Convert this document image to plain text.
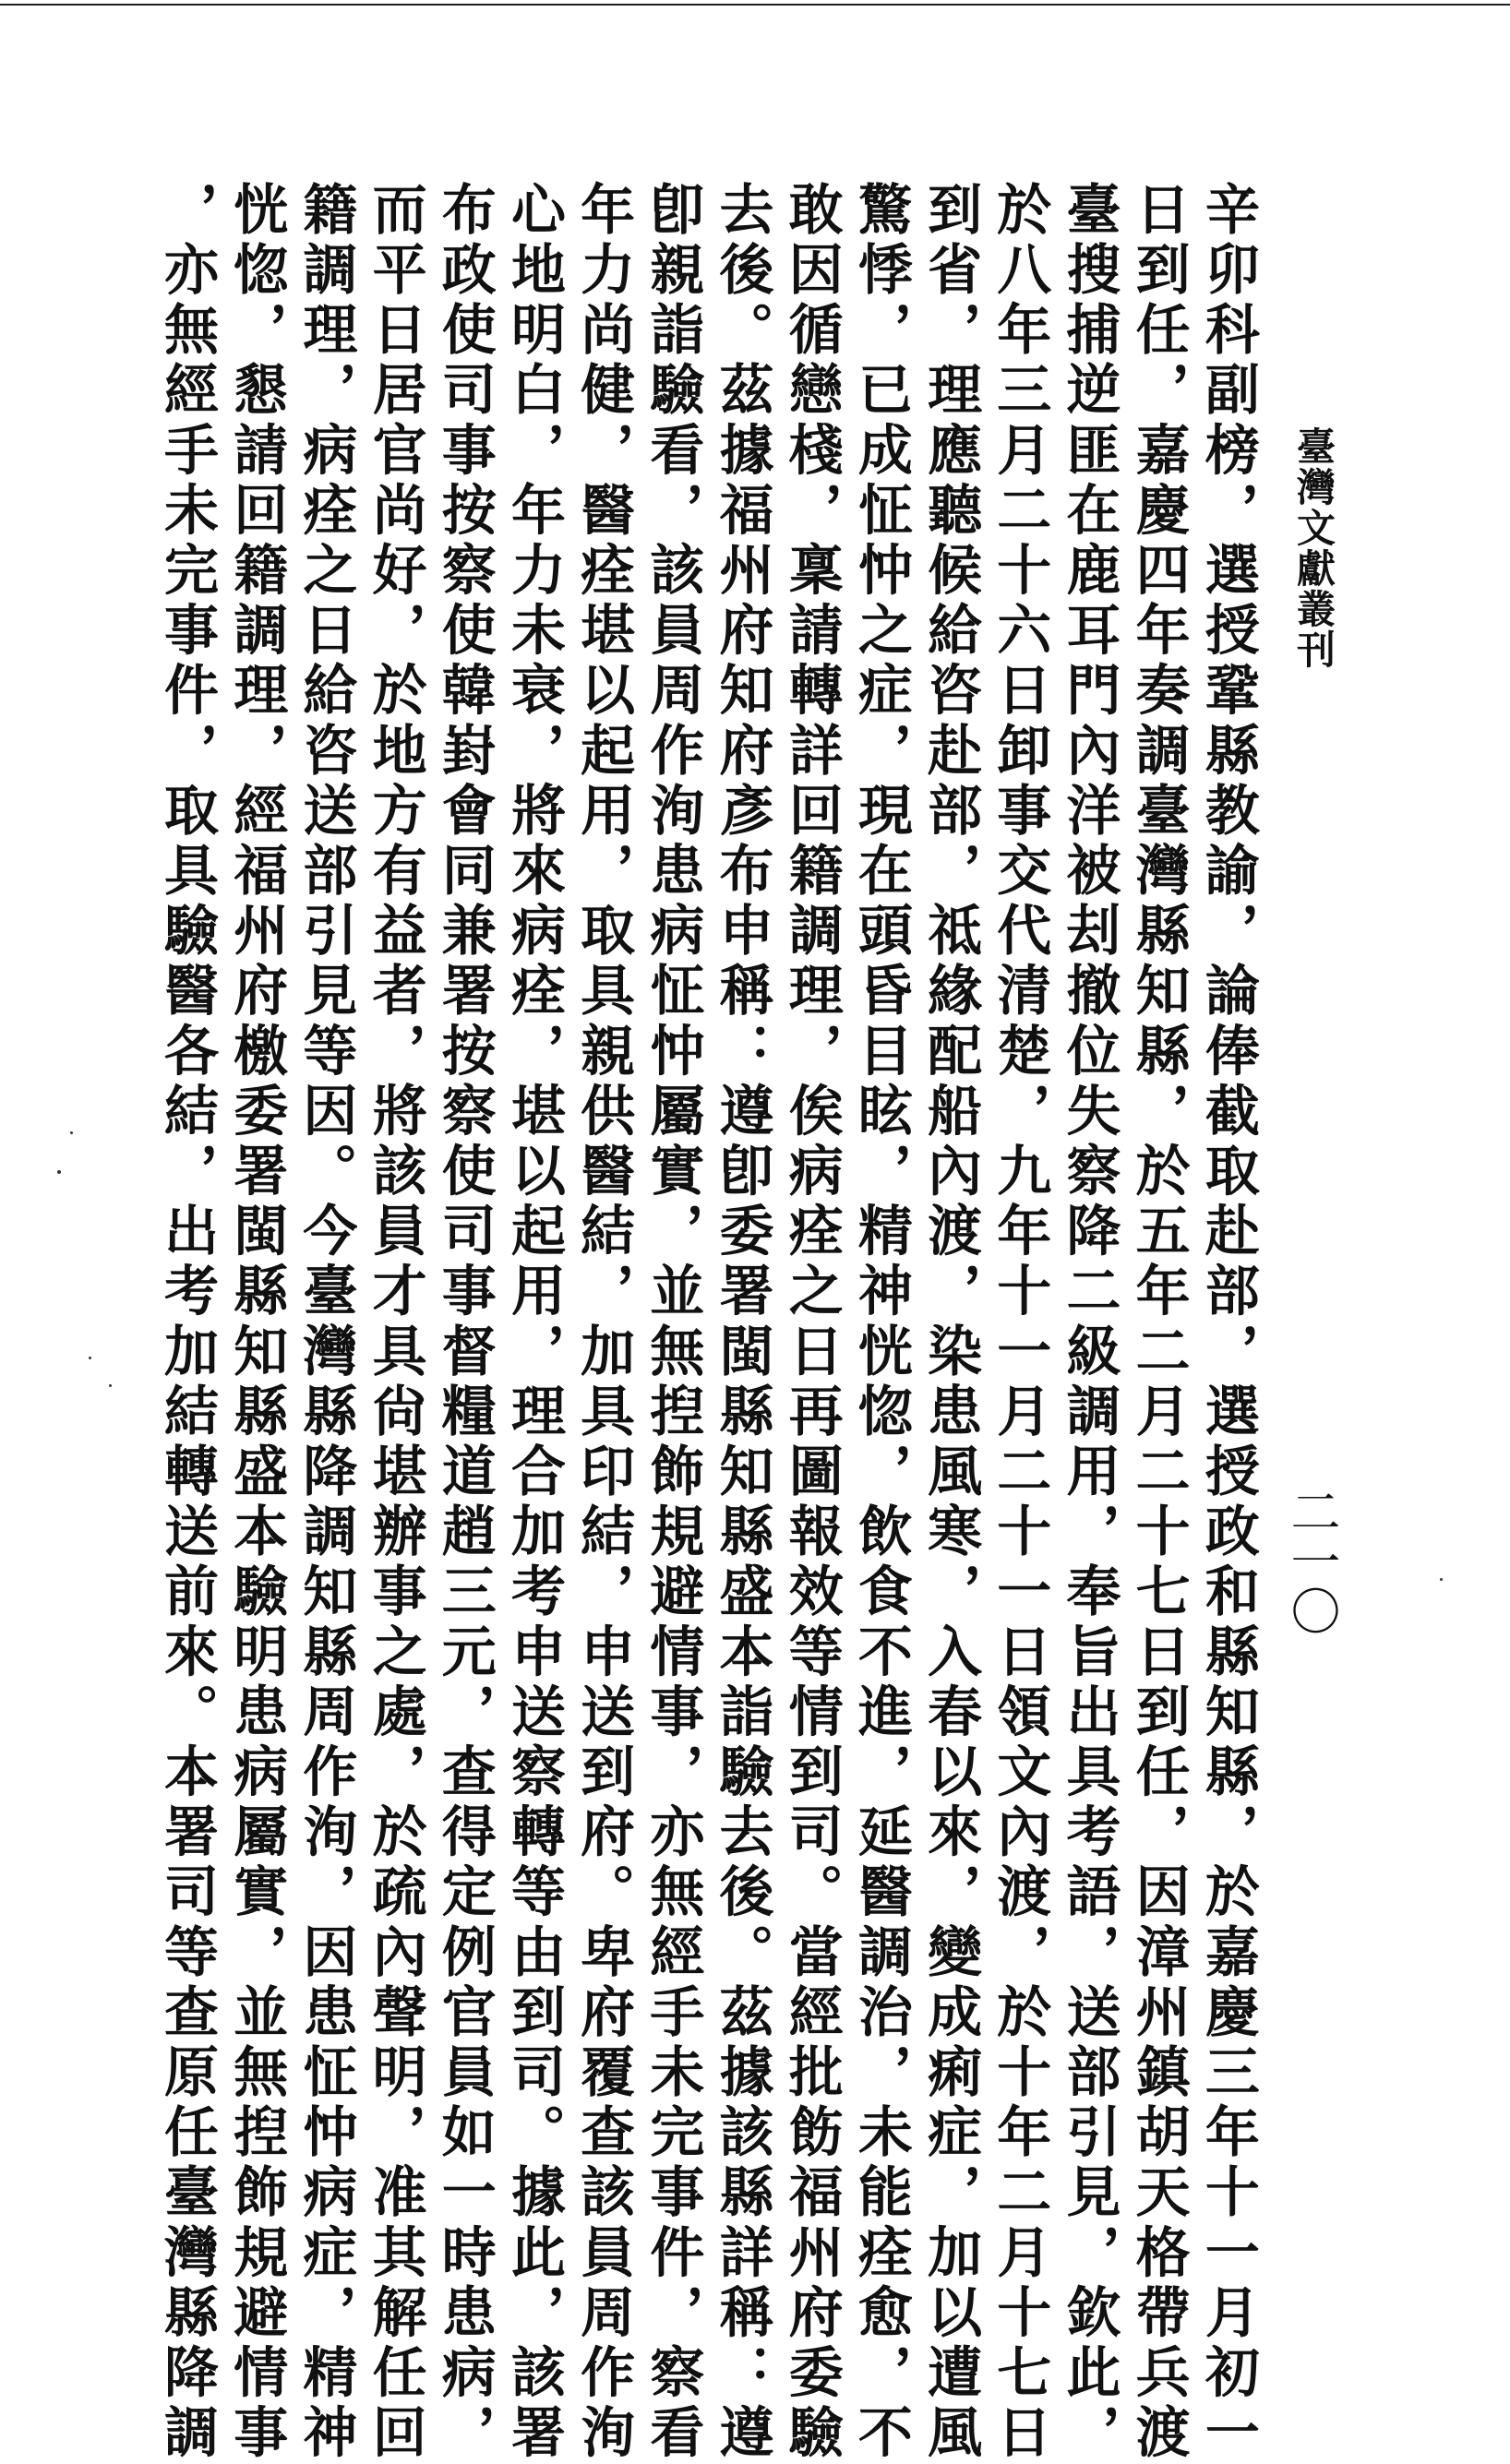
臺灣文獻叢刊
二一〇
辛卯科副榜，選授鞏縣教諭，論俸截取赴部，選授政和縣知縣，於嘉慶三年十一月初一
日到任，嘉慶四年奏調臺灣縣知縣，於五年二月二十七日到任，因漳州鎮胡天格帶兵渡
臺搜捕逆匪在鹿耳門內洋被刦撤位失察降二級調用，奉旨出具考語，送部引見，欽此，
於八年三月二十六日卸事交代清楚，九年十一月二十一日領文內渡，於十年二月十七日
到省，理應聽候給咨赴部，祗緣配船內渡，染患風寒，入春以來，變成痢症，加以遭風
驚悸，已成怔忡之症，現在頭昏目眩，精神恍惚，飲食不進，延醫調治，未能痊愈，不
敢因循戀棧，稟請轉詳回籍調理，俟病痊之日再圖報效等情到司。當經批飭福州府委驗
去後。茲據福州府知府彥布申稱：遵卽委署閩縣知縣盛本詣驗去後。茲據該縣詳稱：遵
卽親詣驗看，該員周作洵患病怔忡屬實，並無揑飾規避情事，亦無經手未完事件，察看
年力尚健，醫痊堪以起用，取具親供醫結，加具印結，申送到府。卑府覆查該員周作洵
心地明白，年力未衰，將來病痊，堪以起用，理合加考申送察轉等由到司。據此，該署
布政使司事按察使韓崶會同兼署按察使司事督糧道趙三元，查得定例官員如一時患病，
而平日居官尚好，於地方有益者，將該員才具尙堪辦事之處，於疏內聲明，准其解任回
籍調理，病痊之日給咨送部引見等因。今臺灣縣降調知縣周作洵，因患怔忡病症，精神
恍惚，懇請回籍調理，經福州府檄委署閩縣知縣盛本驗明患病屬實，並無揑飾規避情事
，亦無經手未完事件，取具驗醫各結，出考加結轉送前來。本署司等查原任臺灣縣降調
